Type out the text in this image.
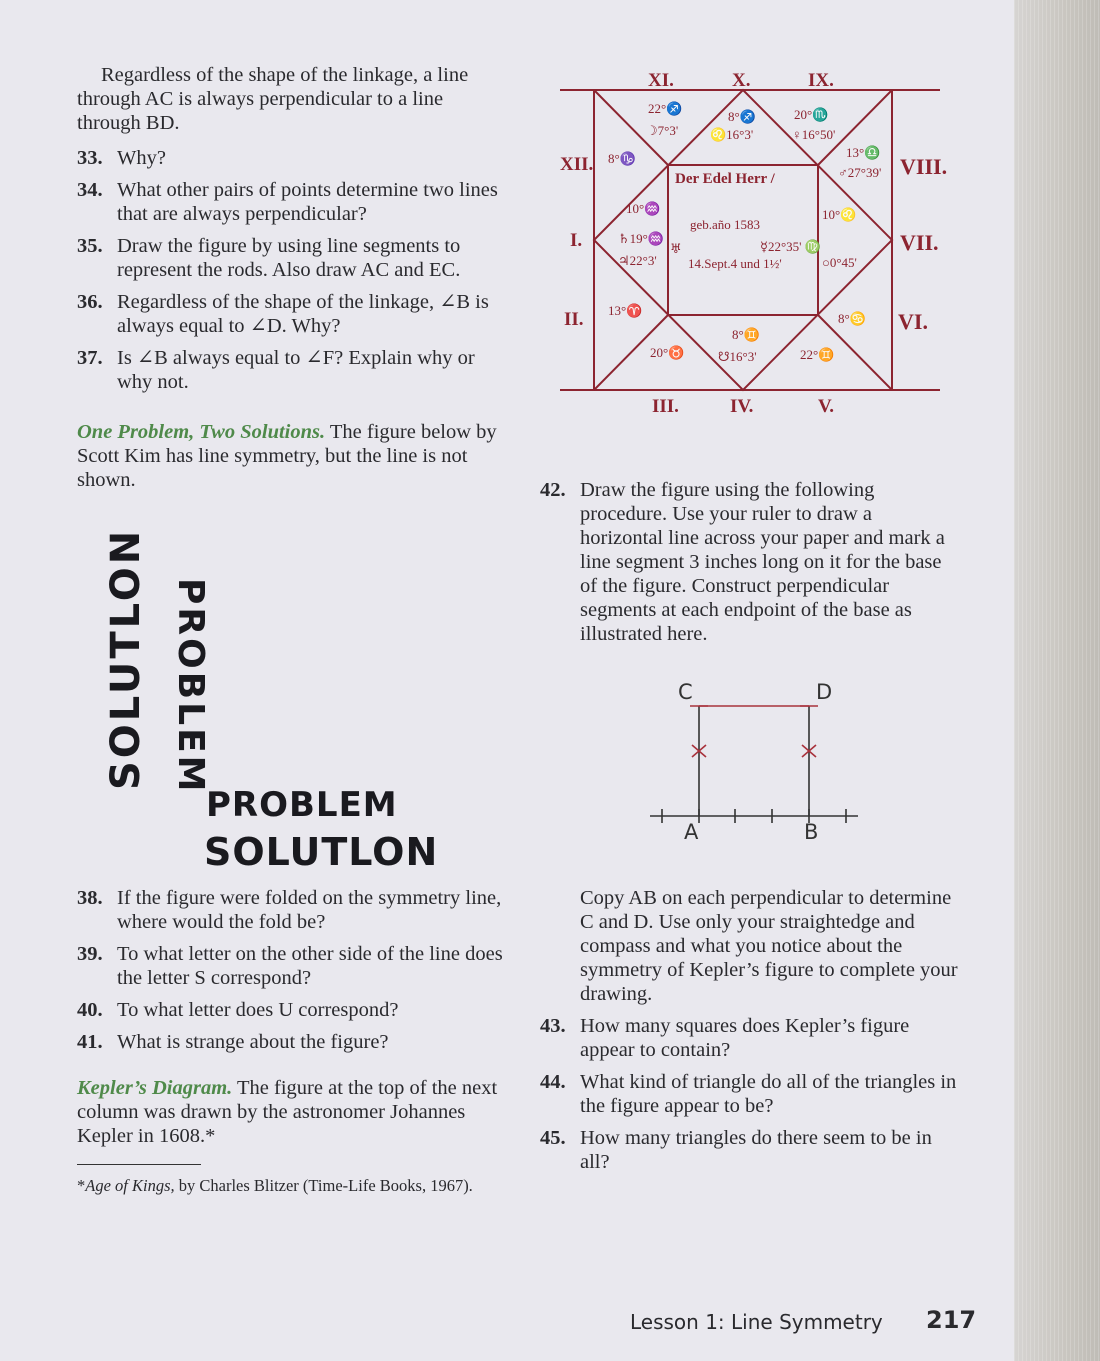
Regardless of the shape of the linkage, a line through AC is always perpendicular to a line through BD.

33. Why?
34. What other pairs of points determine two lines that are always perpendicular?
35. Draw the figure by using line segments to represent the rods. Also draw AC and EC.
36. Regardless of the shape of the linkage, ∠B is always equal to ∠D. Why?
37. Is ∠B always equal to ∠F? Explain why or why not.

One Problem, Two Solutions. The figure below by Scott Kim has line symmetry, but the line is not shown.

SOLUTLON PROBLEM
PROBLEM
SOLUTLON
38. If the figure were folded on the symmetry line, where would the fold be?
39. To what letter on the other side of the line does the letter S correspond?
40. To what letter does U correspond?
41. What is strange about the figure?

Kepler’s Diagram. The figure at the top of the next column was drawn by the astronomer Johannes Kepler in 1608.*

*Age of Kings, by Charles Blitzer (Time-Life Books, 1967).

XI.	X.	IX.
XII.
I.
II.
VIII.
VII.
VI.
III.	IV.	V.
Der Edel Herr /
geb.año 1583
14.Sept.4 und 1½'
22°♐
☽7°3'
8°♐
♌16°3'
20°♏
♀16°50'
13°♎
♂27°39'
8°♑
10°♒
♄19°♒
♃22°3'
♅	☿22°35' ♍
10°♌
○0°45'
13°♈
8°♋
8°♊
☋16°3'
20°♉	22°♊
42. Draw the figure using the following procedure. Use your ruler to draw a horizontal line across your paper and mark a line segment 3 inches long on it for the base of the figure. Construct perpendicular segments at each endpoint of the base as illustrated here.
C	D
A	B

Copy AB on each perpendicular to determine C and D. Use only your straightedge and compass and what you notice about the symmetry of Kepler’s figure to complete your drawing.

43. How many squares does Kepler’s figure appear to contain?
44. What kind of triangle do all of the triangles in the figure appear to be?
45. How many triangles do there seem to be in all?
Lesson 1: Line Symmetry 217
